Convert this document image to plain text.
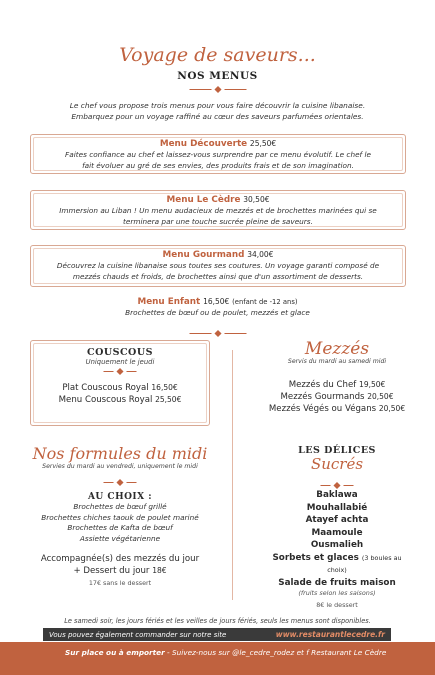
Voyage de saveurs...
NOS MENUS
Le chef vous propose trois menus pour vous faire découvrir la cuisine libanaise.
Embarquez pour un voyage raffiné au cœur des saveurs parfumées orientales.
Menu Découverte 25,50€
Faites confiance au chef et laissez-vous surprendre par ce menu évolutif. Le chef le
fait évoluer au gré de ses envies, des produits frais et de son imagination.
Menu Le Cèdre 30,50€
Immersion au Liban ! Un menu audacieux de mezzés et de brochettes marinées qui se
terminera par une touche sucrée pleine de saveurs.
Menu Gourmand 34,00€
Découvrez la cuisine libanaise sous toutes ses coutures. Un voyage garanti composé de
mezzés chauds et froids, de brochettes ainsi que d'un assortiment de desserts.
Menu Enfant 16,50€ (enfant de -12 ans)
Brochettes de bœuf ou de poulet, mezzés et glace
COUSCOUS
Uniquement le jeudi
Plat Couscous Royal 16,50€
Menu Couscous Royal 25,50€
Mezzés
Servis du mardi au samedi midi
Mezzés du Chef 19,50€
Mezzés Gourmands 20,50€
Mezzés Végés ou Végans 20,50€
Nos formules du midi
Servies du mardi au vendredi, uniquement le midi
AU CHOIX :
Brochettes de bœuf grillé
Brochettes chiches taouk de poulet mariné
Brochettes de Kafta de bœuf
Assiette végétarienne
Accompagnée(s) des mezzés du jour
+ Dessert du jour 18€
17€ sans le dessert
LES DÉLICES
Sucrés
Baklawa
Mouhallabié
Atayef achta
Maamoule
Ousmalieh
Sorbets et glaces (3 boules au choix)
Salade de fruits maison
(fruits selon les saisons)
8€ le dessert
Le samedi soir, les jours fériés et les veilles de jours fériés, seuls les menus sont disponibles.
Vous pouvez également commander sur notre site	www.restaurantlecedre.fr
Sur place ou à emporter - Suivez-nous sur @le_cedre_rodez et f Restaurant Le Cèdre
